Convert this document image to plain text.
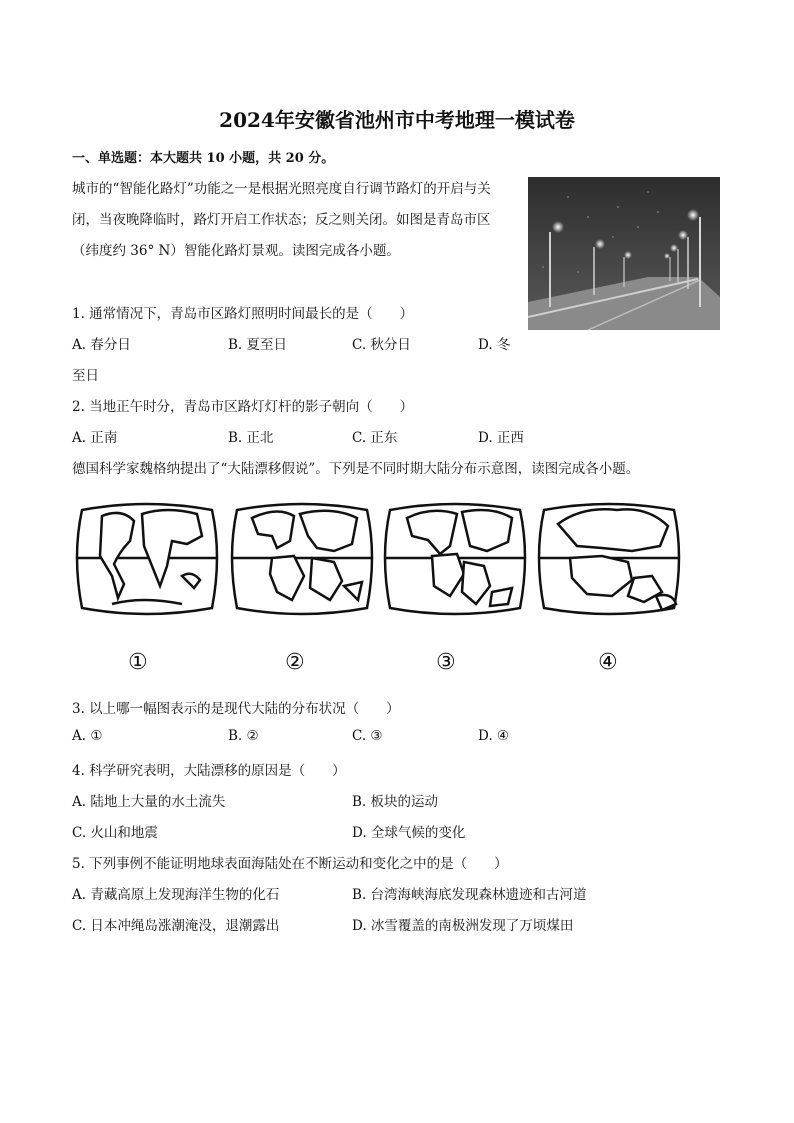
2024年安徽省池州市中考地理一模试卷
一、单选题：本大题共 10 小题，共 20 分。
城市的“智能化路灯”功能之一是根据光照亮度自行调节路灯的开启与关
闭，当夜晚降临时，路灯开启工作状态；反之则关闭。如图是青岛市区
（纬度约 36° N）智能化路灯景观。读图完成各小题。
1. 通常情况下，青岛市区路灯照明时间最长的是（　　）
A. 春分日	B. 夏至日	C. 秋分日	D. 冬
至日
2. 当地正午时分，青岛市区路灯灯杆的影子朝向（　　）
A. 正南	B. 正北	C. 正东	D. 正西
德国科学家魏格纳提出了“大陆漂移假说”。下列是不同时期大陆分布示意图，读图完成各小题。
①	②	③	④
3. 以上哪一幅图表示的是现代大陆的分布状况（　　）
A. ①	B. ②	C. ③	D. ④
4. 科学研究表明，大陆漂移的原因是（　　）
A. 陆地上大量的水土流失	B. 板块的运动
C. 火山和地震	D. 全球气候的变化
5. 下列事例不能证明地球表面海陆处在不断运动和变化之中的是（　　）
A. 青藏高原上发现海洋生物的化石	B. 台湾海峡海底发现森林遗迹和古河道
C. 日本冲绳岛涨潮淹没，退潮露出	D. 冰雪覆盖的南极洲发现了万顷煤田
